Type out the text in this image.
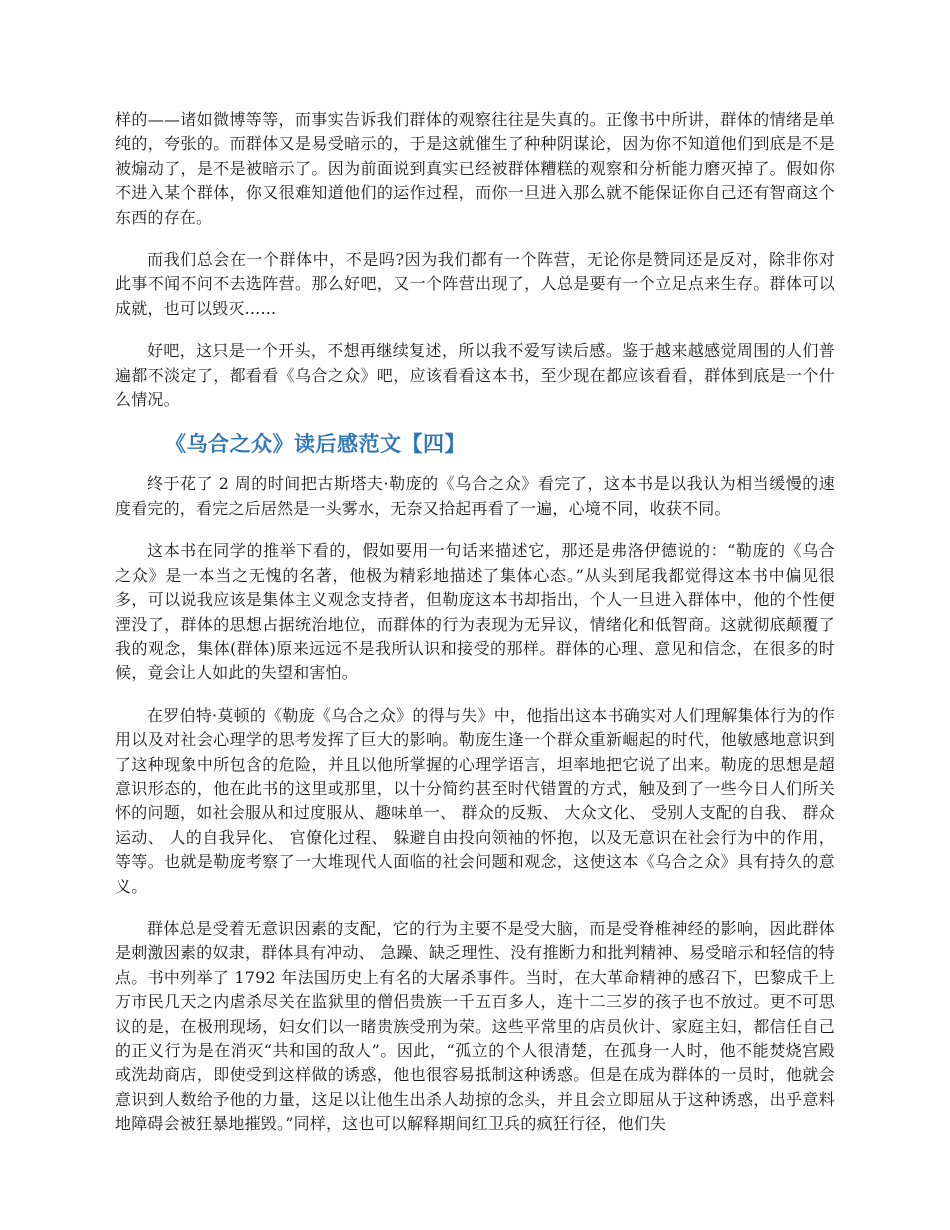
样的——诸如微博等等，而事实告诉我们群体的观察往往是失真的。正像书中所讲，群体的情绪是单纯的，夸张的。而群体又是易受暗示的，于是这就催生了种种阴谋论，因为你不知道他们到底是不是被煽动了，是不是被暗示了。因为前面说到真实已经被群体糟糕的观察和分析能力磨灭掉了。假如你不进入某个群体，你又很难知道他们的运作过程，而你一旦进入那么就不能保证你自己还有智商这个东西的存在。

而我们总会在一个群体中，不是吗?因为我们都有一个阵营，无论你是赞同还是反对，除非你对此事不闻不问不去选阵营。那么好吧，又一个阵营出现了，人总是要有一个立足点来生存。群体可以成就，也可以毁灭......

好吧，这只是一个开头，不想再继续复述，所以我不爱写读后感。鉴于越来越感觉周围的人们普遍都不淡定了，都看看《乌合之众》吧，应该看看这本书，至少现在都应该看看，群体到底是一个什么情况。

《乌合之众》读后感范文【四】

终于花了 2 周的时间把古斯塔夫·勒庞的《乌合之众》看完了，这本书是以我认为相当缓慢的速度看完的，看完之后居然是一头雾水，无奈又拾起再看了一遍，心境不同，收获不同。

这本书在同学的推举下看的，假如要用一句话来描述它，那还是弗洛伊德说的：“勒庞的《乌合之众》是一本当之无愧的名著，他极为精彩地描述了集体心态。”从头到尾我都觉得这本书中偏见很多，可以说我应该是集体主义观念支持者，但勒庞这本书却指出，个人一旦进入群体中，他的个性便湮没了，群体的思想占据统治地位，而群体的行为表现为无异议，情绪化和低智商。这就彻底颠覆了我的观念，集体(群体)原来远远不是我所认识和接受的那样。群体的心理、意见和信念，在很多的时候，竟会让人如此的失望和害怕。

在罗伯特·莫顿的《勒庞《乌合之众》的得与失》中，他指出这本书确实对人们理解集体行为的作用以及对社会心理学的思考发挥了巨大的影响。勒庞生逢一个群众重新崛起的时代，他敏感地意识到了这种现象中所包含的危险，并且以他所掌握的心理学语言，坦率地把它说了出来。勒庞的思想是超意识形态的，他在此书的这里或那里，以十分简约甚至时代错置的方式，触及到了一些今日人们所关怀的问题，如社会服从和过度服从、趣味单一、 群众的反叛、 大众文化、 受别人支配的自我、 群众运动、 人的自我异化、 官僚化过程、 躲避自由投向领袖的怀抱，以及无意识在社会行为中的作用，等等。也就是勒庞考察了一大堆现代人面临的社会问题和观念，这使这本《乌合之众》具有持久的意义。

群体总是受着无意识因素的支配，它的行为主要不是受大脑，而是受脊椎神经的影响，因此群体是刺激因素的奴隶，群体具有冲动、 急躁、缺乏理性、没有推断力和批判精神、易受暗示和轻信的特点。书中列举了 1792 年法国历史上有名的大屠杀事件。当时，在大革命精神的感召下，巴黎成千上万市民几天之内虐杀尽关在监狱里的僧侣贵族一千五百多人，连十二三岁的孩子也不放过。更不可思议的是，在极刑现场，妇女们以一睹贵族受刑为荣。这些平常里的店员伙计、家庭主妇，都信任自己的正义行为是在消灭“共和国的敌人”。因此，“孤立的个人很清楚，在孤身一人时，他不能焚烧宫殿或洗劫商店，即使受到这样做的诱惑，他也很容易抵制这种诱惑。但是在成为群体的一员时，他就会意识到人数给予他的力量，这足以让他生出杀人劫掠的念头，并且会立即屈从于这种诱惑，出乎意料地障碍会被狂暴地摧毁。”同样，这也可以解释期间红卫兵的疯狂行径，他们失
